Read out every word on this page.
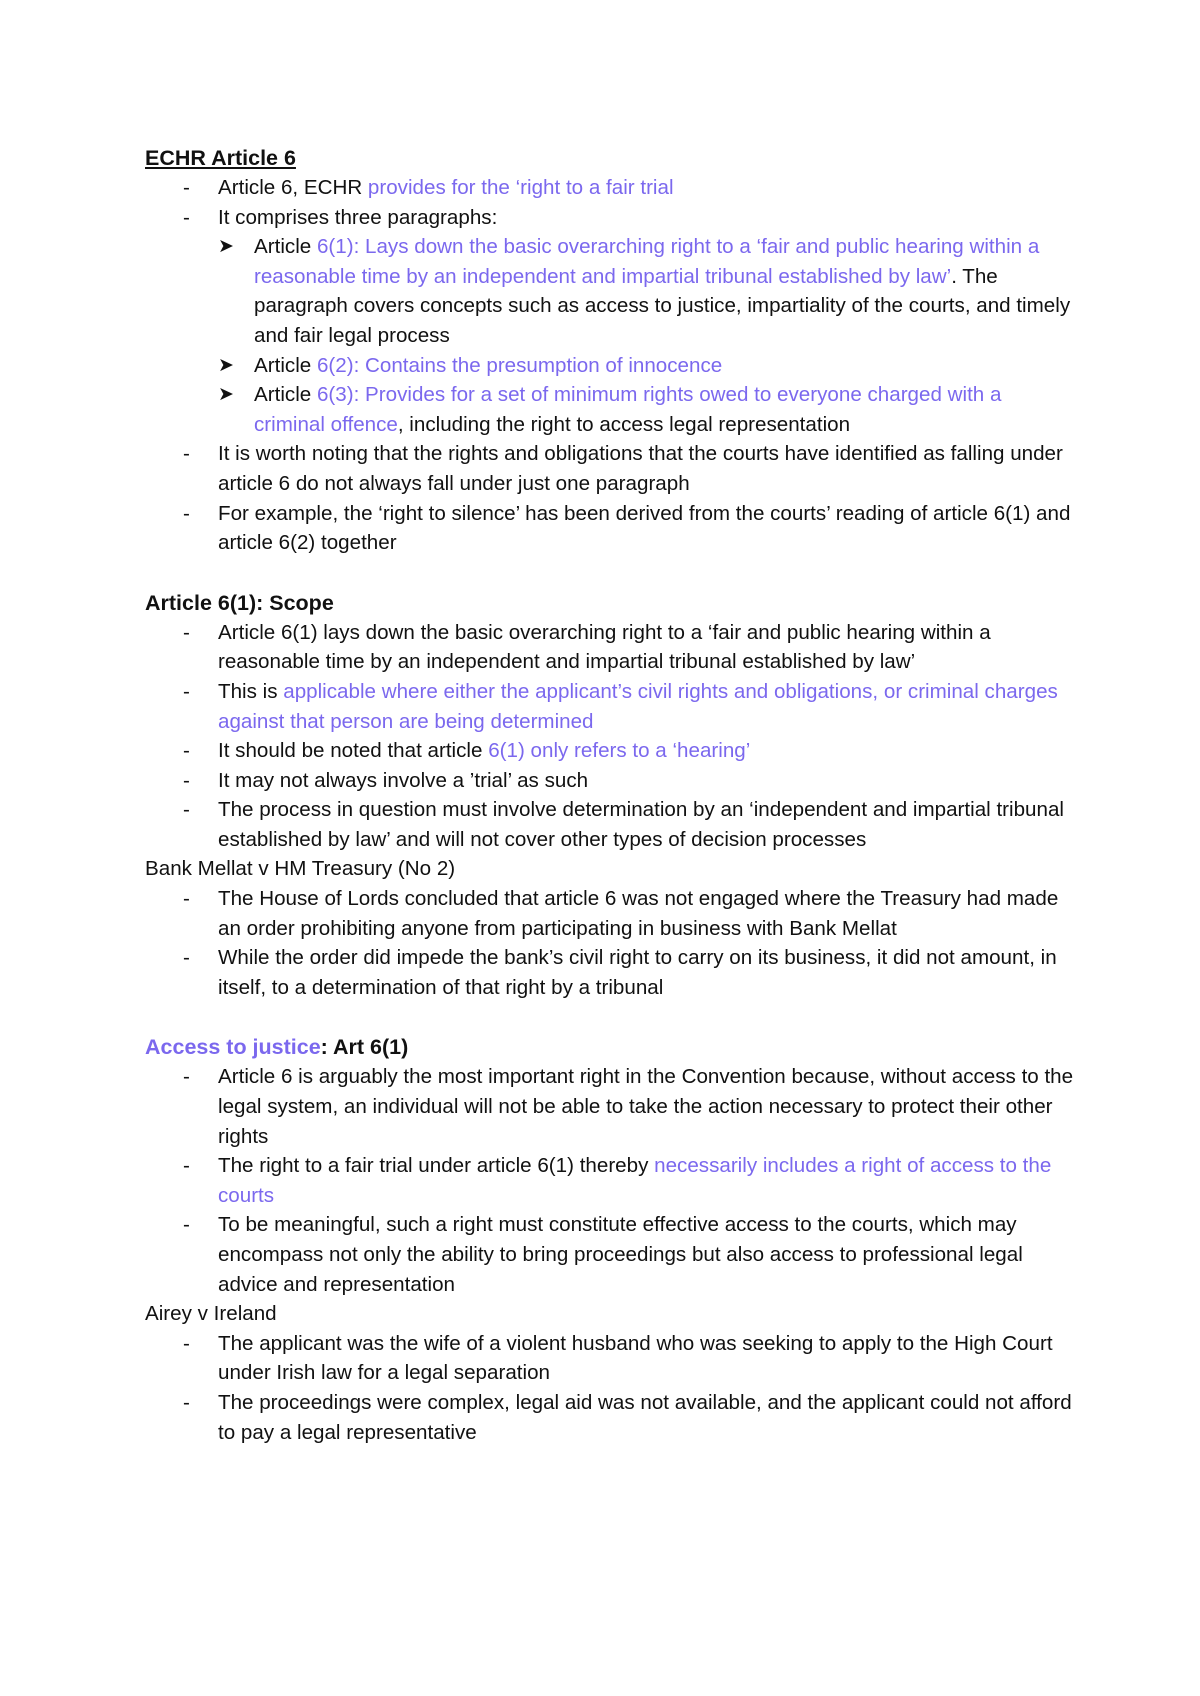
ECHR Article 6
- Article 6, ECHR provides for the ‘right to a fair trial
- It comprises three paragraphs:
➤ Article 6(1): Lays down the basic overarching right to a ‘fair and public hearing within a reasonable time by an independent and impartial tribunal established by law’. The paragraph covers concepts such as access to justice, impartiality of the courts, and timely and fair legal process
➤ Article 6(2): Contains the presumption of innocence
➤ Article 6(3): Provides for a set of minimum rights owed to everyone charged with a criminal offence, including the right to access legal representation
- It is worth noting that the rights and obligations that the courts have identified as falling under article 6 do not always fall under just one paragraph
- For example, the ‘right to silence’ has been derived from the courts’ reading of article 6(1) and article 6(2) together
Article 6(1): Scope
- Article 6(1) lays down the basic overarching right to a ‘fair and public hearing within a reasonable time by an independent and impartial tribunal established by law’
- This is applicable where either the applicant’s civil rights and obligations, or criminal charges against that person are being determined
- It should be noted that article 6(1) only refers to a ‘hearing’
- It may not always involve a ’trial’ as such
- The process in question must involve determination by an ‘independent and impartial tribunal established by law’ and will not cover other types of decision processes
Bank Mellat v HM Treasury (No 2)
- The House of Lords concluded that article 6 was not engaged where the Treasury had made an order prohibiting anyone from participating in business with Bank Mellat
- While the order did impede the bank’s civil right to carry on its business, it did not amount, in itself, to a determination of that right by a tribunal
Access to justice: Art 6(1)
- Article 6 is arguably the most important right in the Convention because, without access to the legal system, an individual will not be able to take the action necessary to protect their other rights
- The right to a fair trial under article 6(1) thereby necessarily includes a right of access to the courts
- To be meaningful, such a right must constitute effective access to the courts, which may encompass not only the ability to bring proceedings but also access to professional legal advice and representation
Airey v Ireland
- The applicant was the wife of a violent husband who was seeking to apply to the High Court under Irish law for a legal separation
- The proceedings were complex, legal aid was not available, and the applicant could not afford to pay a legal representative
